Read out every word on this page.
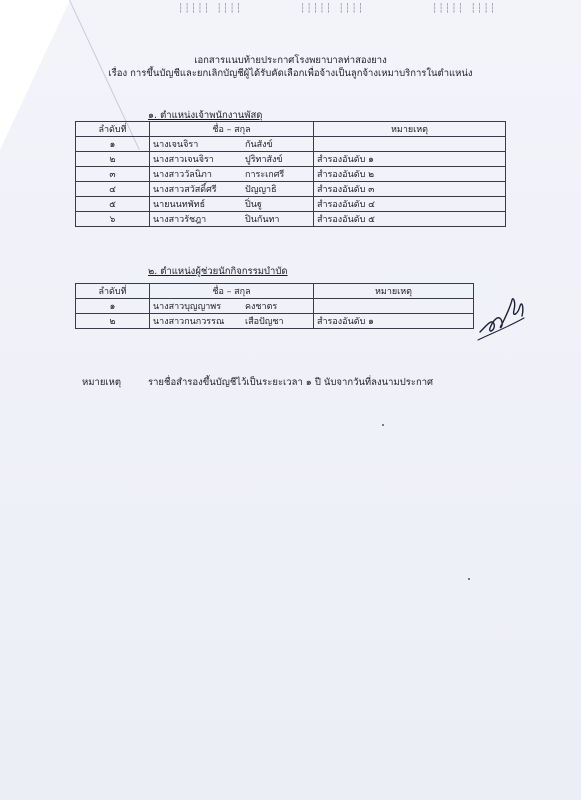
┆┆┆┆┆ ┆┆┆┆	┆┆┆┆┆ ┆┆┆┆	┆┆┆┆┆ ┆┆┆┆
เอกสารแนบท้ายประกาศโรงพยาบาลท่าสองยาง
เรื่อง การขึ้นบัญชีและยกเลิกบัญชีผู้ได้รับคัดเลือกเพื่อจ้างเป็นลูกจ้างเหมาบริการในตำแหน่ง
๑. ตำแหน่งเจ้าพนักงานพัสดุ
ลำดับที่	ชื่อ – สกุล	หมายเหตุ
๑	นางเจนจิรา กันสังข์	
๒	นางสาวเจนจิรา ปูริทาสังข์	สำรองอันดับ ๑
๓	นางสาววัลนิภา การะเกศรี	สำรองอันดับ ๒
๔	นางสาวสวัสดิ์ศรี ปัญญาธิ	สำรองอันดับ ๓
๕	นายนนทพัทธ์ ปิ่นฐู	สำรองอันดับ ๔
๖	นางสาวรัชฎา ปินกันทา	สำรองอันดับ ๕
๒. ตำแหน่งผู้ช่วยนักกิจกรรมบำบัด
ลำดับที่	ชื่อ – สกุล	หมายเหตุ
๑	นางสาวบุญญาพร คงชาตร	
๒	นางสาวกนกวรรณ เสือปัญชา	สำรองอันดับ ๑
หมายเหตุ	รายชื่อสำรองขึ้นบัญชีไว้เป็นระยะเวลา ๑ ปี นับจากวันที่ลงนามประกาศ
